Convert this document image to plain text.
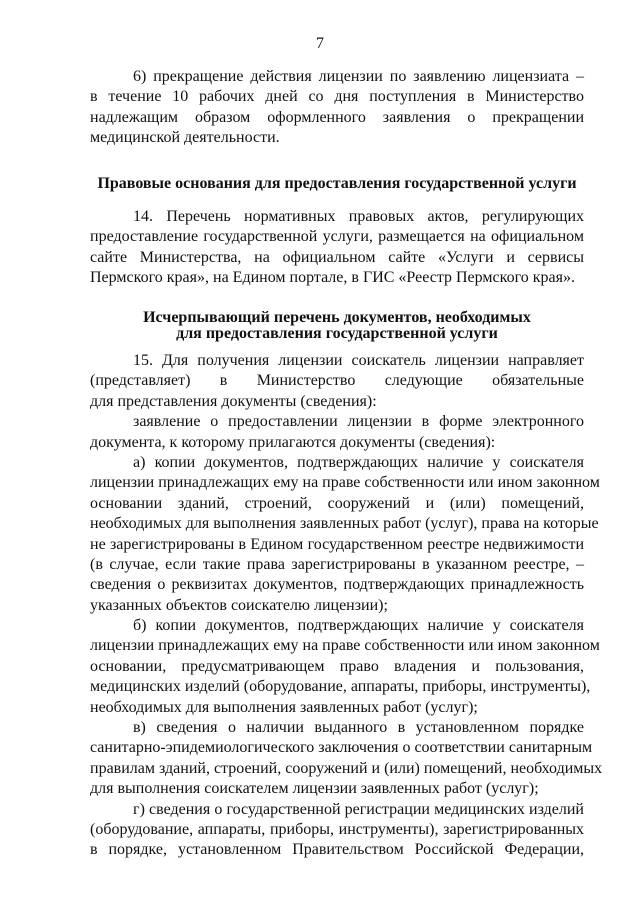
7
6) прекращение действия лицензии по заявлению лицензиата –
в течение 10 рабочих дней со дня поступления в Министерство
надлежащим образом оформленного заявления о прекращении
медицинской деятельности.
Правовые основания для предоставления государственной услуги
14. Перечень нормативных правовых актов, регулирующих
предоставление государственной услуги, размещается на официальном
сайте Министерства, на официальном сайте «Услуги и сервисы
Пермского края», на Едином портале, в ГИС «Реестр Пермского края».
Исчерпывающий перечень документов, необходимых
для предоставления государственной услуги
15. Для получения лицензии соискатель лицензии направляет
(представляет) в Министерство следующие обязательные
для представления документы (сведения):
заявление о предоставлении лицензии в форме электронного
документа, к которому прилагаются документы (сведения):
а) копии документов, подтверждающих наличие у соискателя
лицензии принадлежащих ему на праве собственности или ином законном
основании зданий, строений, сооружений и (или) помещений,
необходимых для выполнения заявленных работ (услуг), права на которые
не зарегистрированы в Едином государственном реестре недвижимости
(в случае, если такие права зарегистрированы в указанном реестре, –
сведения о реквизитах документов, подтверждающих принадлежность
указанных объектов соискателю лицензии);
б) копии документов, подтверждающих наличие у соискателя
лицензии принадлежащих ему на праве собственности или ином законном
основании, предусматривающем право владения и пользования,
медицинских изделий (оборудование, аппараты, приборы, инструменты),
необходимых для выполнения заявленных работ (услуг);
в) сведения о наличии выданного в установленном порядке
санитарно-эпидемиологического заключения о соответствии санитарным
правилам зданий, строений, сооружений и (или) помещений, необходимых
для выполнения соискателем лицензии заявленных работ (услуг);
г) сведения о государственной регистрации медицинских изделий
(оборудование, аппараты, приборы, инструменты), зарегистрированных
в порядке, установленном Правительством Российской Федерации,
